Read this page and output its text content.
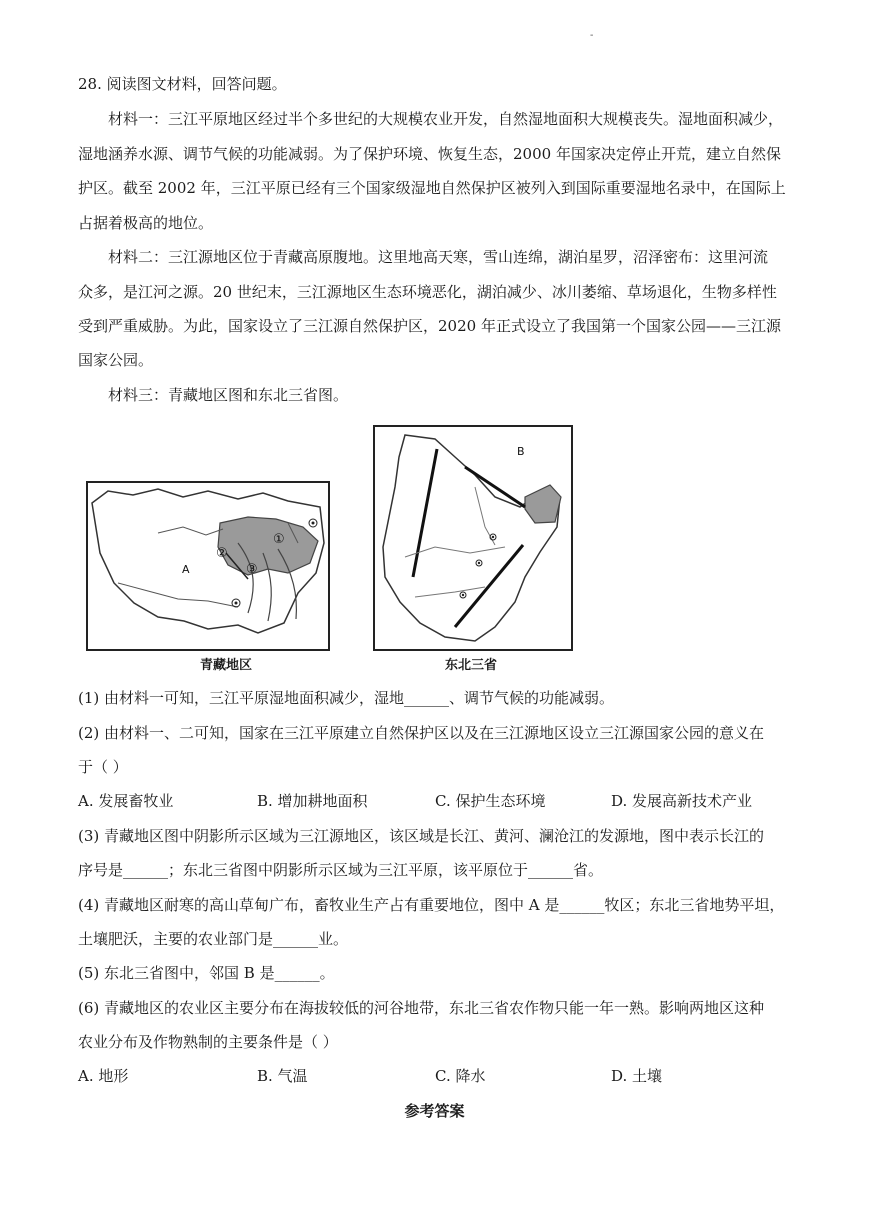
-
28. 阅读图文材料，回答问题。
材料一：三江平原地区经过半个多世纪的大规模农业开发，自然湿地面积大规模丧失。湿地面积减少，
湿地涵养水源、调节气候的功能减弱。为了保护环境、恢复生态，2000 年国家决定停止开荒，建立自然保
护区。截至 2002 年，三江平原已经有三个国家级湿地自然保护区被列入到国际重要湿地名录中，在国际上
占据着极高的地位。
材料二：三江源地区位于青藏高原腹地。这里地高天寒，雪山连绵，湖泊星罗，沼泽密布：这里河流
众多，是江河之源。20 世纪末，三江源地区生态环境恶化，湖泊减少、冰川萎缩、草场退化，生物多样性
受到严重威胁。为此，国家设立了三江源自然保护区，2020 年正式设立了我国第一个国家公园——三江源
国家公园。
材料三：青藏地区图和东北三省图。
A
①
②
③
青藏地区
B
东北三省
(1) 由材料一可知，三江平原湿地面积减少，湿地______、调节气候的功能减弱。
(2) 由材料一、二可知，国家在三江平原建立自然保护区以及在三江源地区设立三江源国家公园的意义在
于（ ）
A. 发展畜牧业	B. 增加耕地面积	C. 保护生态环境	D. 发展高新技术产业
(3) 青藏地区图中阴影所示区域为三江源地区，该区域是长江、黄河、澜沧江的发源地，图中表示长江的
序号是______；东北三省图中阴影所示区域为三江平原，该平原位于______省。
(4) 青藏地区耐寒的高山草甸广布，畜牧业生产占有重要地位，图中 A 是______牧区；东北三省地势平坦，
土壤肥沃，主要的农业部门是______业。
(5) 东北三省图中，邻国 B 是______。
(6) 青藏地区的农业区主要分布在海拔较低的河谷地带，东北三省农作物只能一年一熟。影响两地区这种
农业分布及作物熟制的主要条件是（ ）
A. 地形	B. 气温	C. 降水	D. 土壤
参考答案
